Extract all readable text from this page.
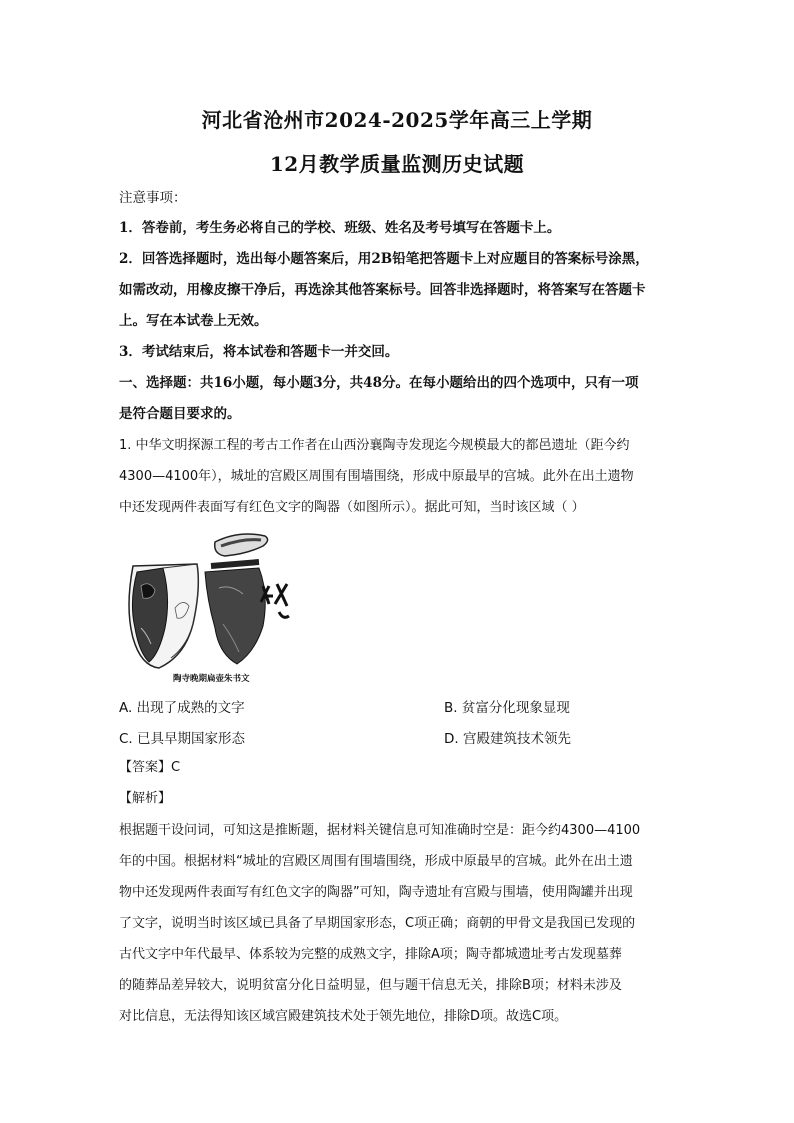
河北省沧州市2024-2025学年高三上学期
12月教学质量监测历史试题
注意事项：
1．答卷前，考生务必将自己的学校、班级、姓名及考号填写在答题卡上。
2．回答选择题时，选出每小题答案后，用2B铅笔把答题卡上对应题目的答案标号涂黑，
如需改动，用橡皮擦干净后，再选涂其他答案标号。回答非选择题时，将答案写在答题卡
上。写在本试卷上无效。
3．考试结束后，将本试卷和答题卡一并交回。
一、选择题：共16小题，每小题3分，共48分。在每小题给出的四个选项中，只有一项
是符合题目要求的。
1. 中华文明探源工程的考古工作者在山西汾襄陶寺发现迄今规模最大的都邑遗址（距今约
4300—4100年），城址的宫殿区周围有围墙围绕，形成中原最早的宫城。此外在出土遗物
中还发现两件表面写有红色文字的陶器（如图所示）。据此可知，当时该区域（ ）
陶寺晚期扁壶朱书文
A. 出现了成熟的文字	B. 贫富分化现象显现
C. 已具早期国家形态	D. 宫殿建筑技术领先
【答案】C
【解析】
根据题干设问词，可知这是推断题，据材料关键信息可知准确时空是：距今约4300—4100
年的中国。根据材料“城址的宫殿区周围有围墙围绕，形成中原最早的宫城。此外在出土遗
物中还发现两件表面写有红色文字的陶器”可知，陶寺遗址有宫殿与围墙，使用陶罐并出现
了文字，说明当时该区域已具备了早期国家形态，C项正确；商朝的甲骨文是我国已发现的
古代文字中年代最早、体系较为完整的成熟文字，排除A项；陶寺都城遗址考古发现墓葬
的随葬品差异较大，说明贫富分化日益明显，但与题干信息无关，排除B项；材料未涉及
对比信息，无法得知该区域宫殿建筑技术处于领先地位，排除D项。故选C项。
